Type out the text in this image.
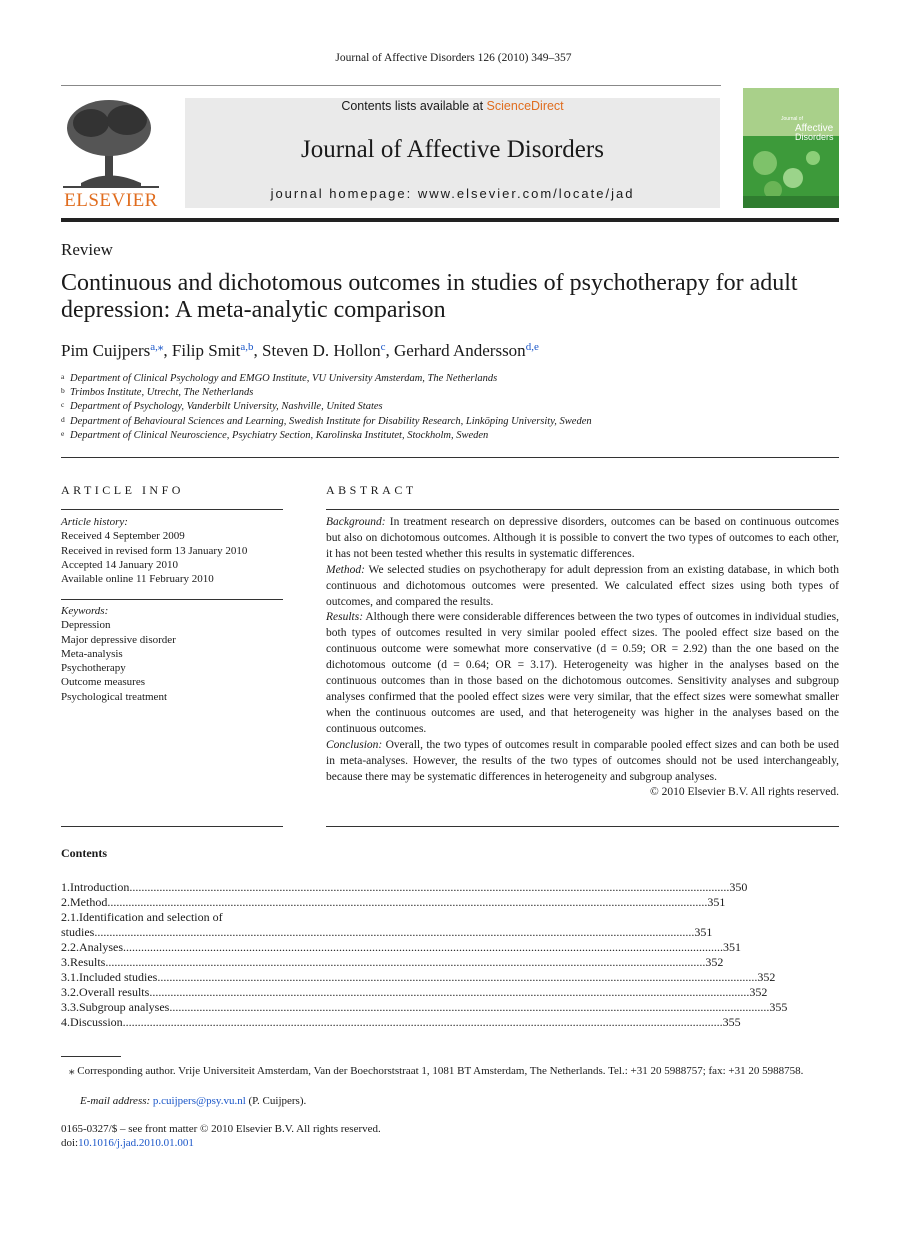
Journal of Affective Disorders 126 (2010) 349–357
ELSEVIER
Contents lists available at ScienceDirect
Journal of Affective Disorders
journal homepage: www.elsevier.com/locate/jad
Journal of
Affective
Disorders
Review
Continuous and dichotomous outcomes in studies of psychotherapy for adult depression: A meta-analytic comparison
Pim Cuijpers$^{a,⁎}$, Filip Smit$^{a,b}$, Steven D. Hollon$^c$, Gerhard Andersson$^{d,e}$
a Department of Clinical Psychology and EMGO Institute, VU University Amsterdam, The Netherlands
b Trimbos Institute, Utrecht, The Netherlands
c Department of Psychology, Vanderbilt University, Nashville, United States
d Department of Behavioural Sciences and Learning, Swedish Institute for Disability Research, Linköping University, Sweden
e Department of Clinical Neuroscience, Psychiatry Section, Karolinska Institutet, Stockholm, Sweden
ARTICLE INFO
Article history:
Received 4 September 2009
Received in revised form 13 January 2010
Accepted 14 January 2010
Available online 11 February 2010
Keywords:
Depression
Major depressive disorder
Meta-analysis
Psychotherapy
Outcome measures
Psychological treatment
ABSTRACT

Background: In treatment research on depressive disorders, outcomes can be based on continuous outcomes but also on dichotomous outcomes. Although it is possible to convert the two types of outcomes to each other, it has not been tested whether this results in systematic differences.

Method: We selected studies on psychotherapy for adult depression from an existing database, in which both continuous and dichotomous outcomes were presented. We calculated effect sizes using both types of outcomes, and compared the results.

Results: Although there were considerable differences between the two types of outcomes in individual studies, both types of outcomes resulted in very similar pooled effect sizes. The pooled effect size based on the continuous outcome were somewhat more conservative (d = 0.59; OR = 2.92) than the one based on the dichotomous outcome (d = 0.64; OR = 3.17). Heterogeneity was higher in the analyses based on the continuous outcomes than in those based on the dichotomous outcomes. Sensitivity analyses and subgroup analyses confirmed that the pooled effect sizes were very similar, that the effect sizes were somewhat smaller when the continuous outcomes are used, and that heterogeneity was higher in the analyses based on the continuous outcomes.

Conclusion: Overall, the two types of outcomes result in comparable pooled effect sizes and can both be used in meta-analyses. However, the results of the two types of outcomes should not be used interchangeably, because there may be systematic differences in heterogeneity and subgroup analyses.

© 2010 Elsevier B.V. All rights reserved.

Contents
1.Introduction........................................................................................................................................................................................................350
2.Method........................................................................................................................................................................................................351
2.1.Identification and selection of studies........................................................................................................................................................................................................351
2.2.Analyses........................................................................................................................................................................................................351
3.Results........................................................................................................................................................................................................352
3.1.Included studies........................................................................................................................................................................................................352
3.2.Overall results........................................................................................................................................................................................................352
3.3.Subgroup analyses........................................................................................................................................................................................................355
4.Discussion........................................................................................................................................................................................................355
⁎ Corresponding author. Vrije Universiteit Amsterdam, Van der Boechorststraat 1, 1081 BT Amsterdam, The Netherlands. Tel.: +31 20 5988757; fax: +31 20 5988758.
E-mail address: p.cuijpers@psy.vu.nl (P. Cuijpers).
0165-0327/$ – see front matter © 2010 Elsevier B.V. All rights reserved.
doi:10.1016/j.jad.2010.01.001
